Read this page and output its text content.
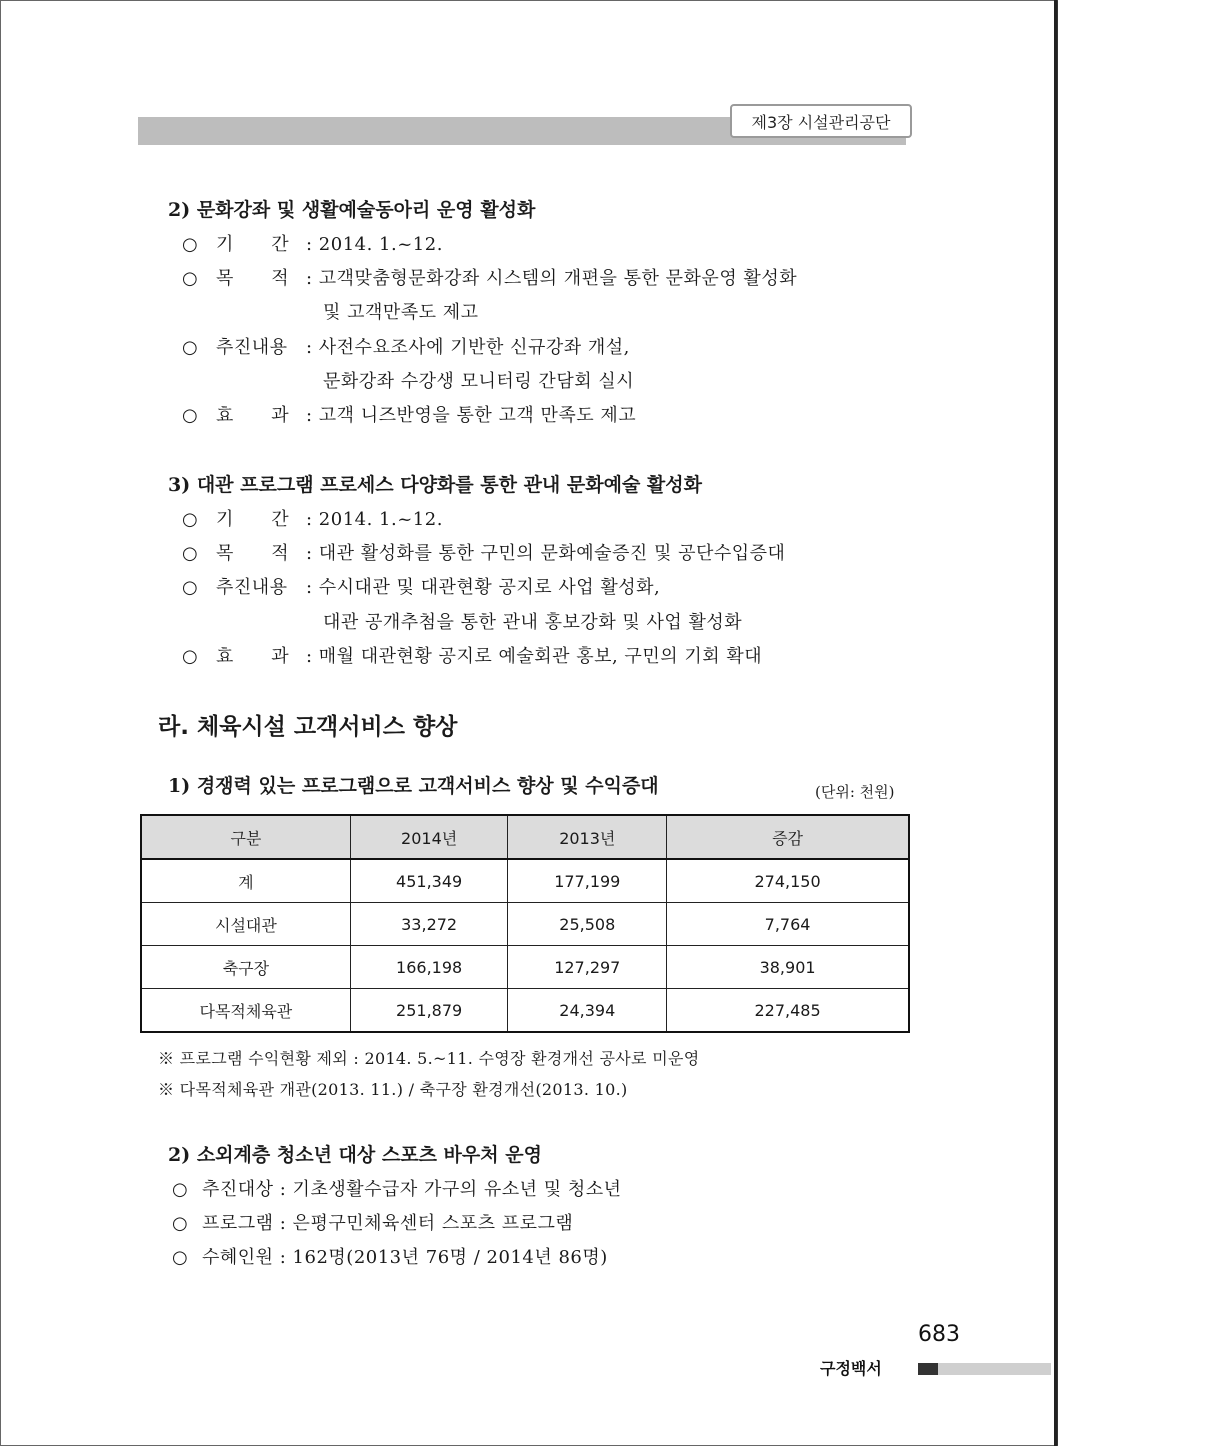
제3장 시설관리공단
2) 문화강좌 및 생활예술동아리 운영 활성화
○ 기      간 : 2014. 1.~12.
○ 목      적 : 고객맞춤형문화강좌 시스템의 개편을 통한 문화운영 활성화
및 고객만족도 제고
○ 추진내용 : 사전수요조사에 기반한 신규강좌 개설,
문화강좌 수강생 모니터링 간담회 실시
○ 효      과 : 고객 니즈반영을 통한 고객 만족도 제고
3) 대관 프로그램 프로세스 다양화를 통한 관내 문화예술 활성화
○ 기      간 : 2014. 1.~12.
○ 목      적 : 대관 활성화를 통한 구민의 문화예술증진 및 공단수입증대
○ 추진내용 : 수시대관 및 대관현황 공지로 사업 활성화,
대관 공개추첨을 통한 관내 홍보강화 및 사업 활성화
○ 효      과 : 매월 대관현황 공지로 예술회관 홍보, 구민의 기회 확대
라. 체육시설 고객서비스 향상
1) 경쟁력 있는 프로그램으로 고객서비스 향상 및 수익증대	(단위: 천원)
구분	2014년	2013년	증감
계	451,349	177,199	274,150
시설대관	33,272	25,508	7,764
축구장	166,198	127,297	38,901
다목적체육관	251,879	24,394	227,485
※ 프로그램 수익현황 제외 : 2014. 5.~11. 수영장 환경개선 공사로 미운영
※ 다목적체육관 개관(2013. 11.) / 축구장 환경개선(2013. 10.)
2) 소외계층 청소년 대상 스포츠 바우처 운영
○ 추진대상 : 기초생활수급자 가구의 유소년 및 청소년
○ 프로그램 : 은평구민체육센터 스포츠 프로그램
○ 수혜인원 : 162명(2013년 76명 / 2014년 86명)
683
구정백서
